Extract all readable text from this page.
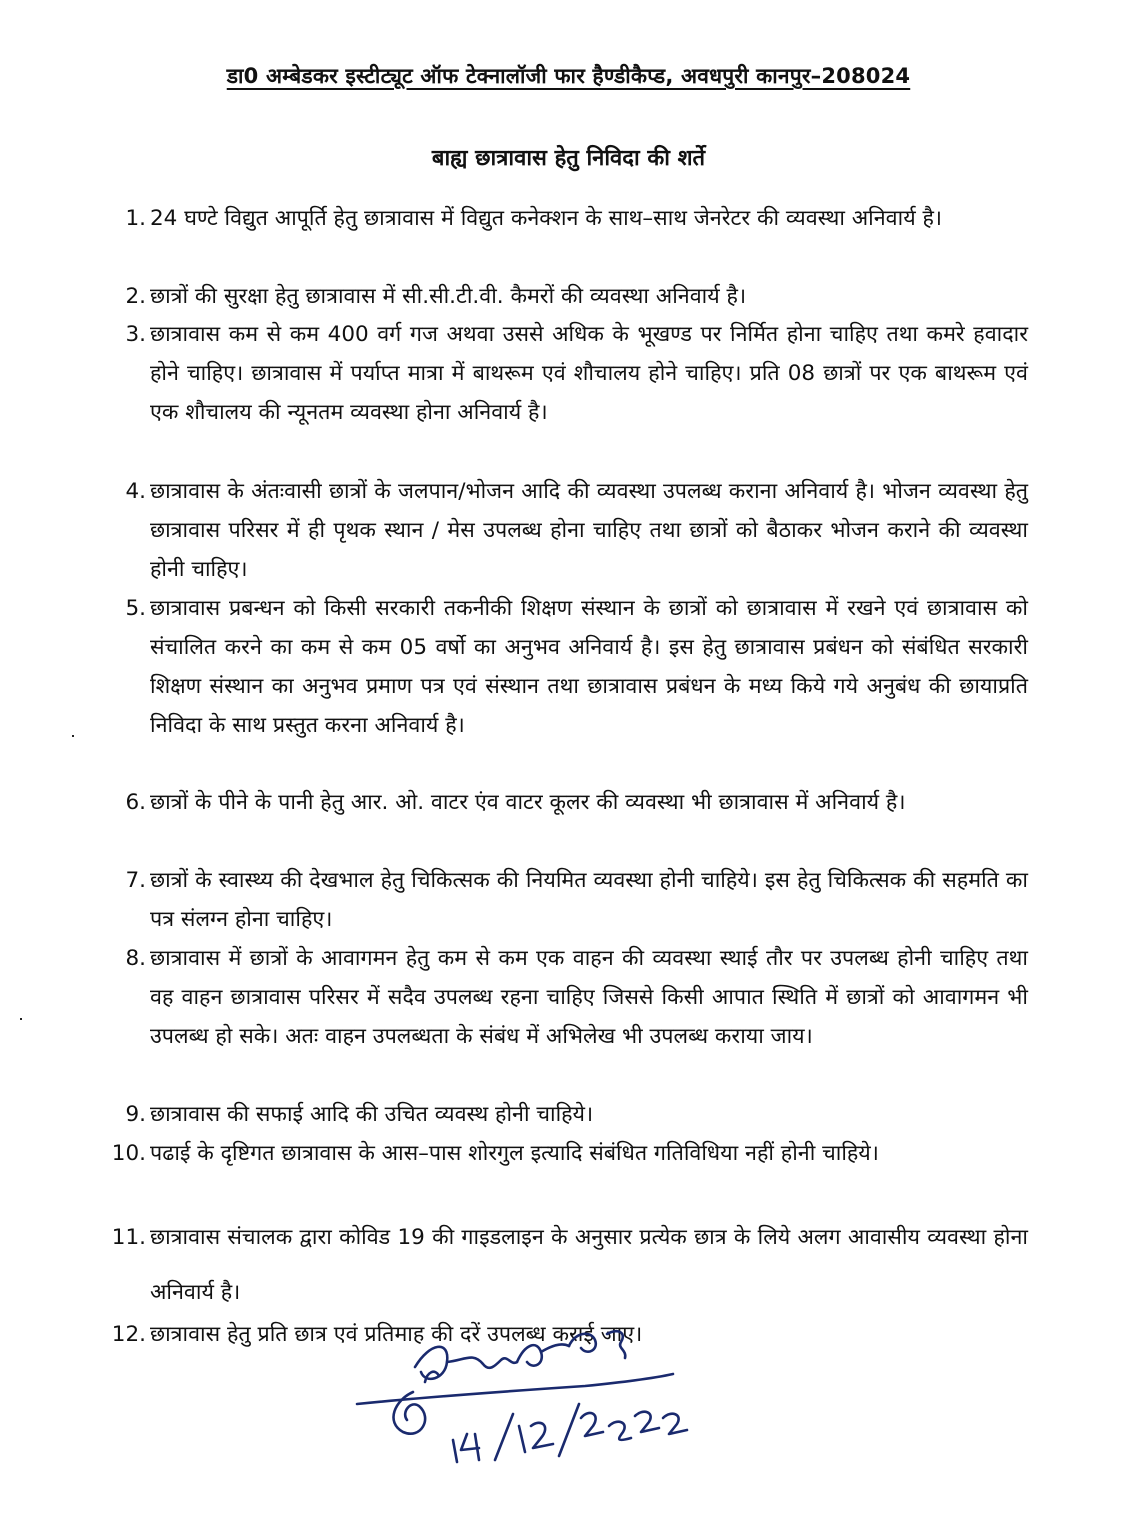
डा0 अम्बेडकर इस्टीट्यूट ऑफ टेक्नालॉजी फार हैण्डीकैप्ड, अवधपुरी कानपुर–208024
बाह्य छात्रावास हेतु निविदा की शर्ते
1. 24 घण्टे विद्युत आपूर्ति हेतु छात्रावास में विद्युत कनेक्शन के साथ–साथ जेनरेटर की व्यवस्था अनिवार्य है।
2. छात्रों की सुरक्षा हेतु छात्रावास में सी.सी.टी.वी. कैमरों की व्यवस्था अनिवार्य है।
3. छात्रावास कम से कम 400 वर्ग गज अथवा उससे अधिक के भूखण्ड पर निर्मित होना चाहिए तथा कमरे हवादार होने चाहिए। छात्रावास में पर्याप्त मात्रा में बाथरूम एवं शौचालय होने चाहिए। प्रति 08 छात्रों पर एक बाथरूम एवं एक शौचालय की न्यूनतम व्यवस्था होना अनिवार्य है।
4. छात्रावास के अंतःवासी छात्रों के जलपान/भोजन आदि की व्यवस्था उपलब्ध कराना अनिवार्य है। भोजन व्यवस्था हेतु छात्रावास परिसर में ही पृथक स्थान / मेस उपलब्ध होना चाहिए तथा छात्रों को बैठाकर भोजन कराने की व्यवस्था होनी चाहिए।
5. छात्रावास प्रबन्धन को किसी सरकारी तकनीकी शिक्षण संस्थान के छात्रों को छात्रावास में रखने एवं छात्रावास को संचालित करने का कम से कम 05 वर्षो का अनुभव अनिवार्य है। इस हेतु छात्रावास प्रबंधन को संबंधित सरकारी शिक्षण संस्थान का अनुभव प्रमाण पत्र एवं संस्थान तथा छात्रावास प्रबंधन के मध्य किये गये अनुबंध की छायाप्रति निविदा के साथ प्रस्तुत करना अनिवार्य है।
6. छात्रों के पीने के पानी हेतु आर. ओ. वाटर एंव वाटर कूलर की व्यवस्था भी छात्रावास में अनिवार्य है।
7. छात्रों के स्वास्थ्य की देखभाल हेतु चिकित्सक की नियमित व्यवस्था होनी चाहिये। इस हेतु चिकित्सक की सहमति का पत्र संलग्न होना चाहिए।
8. छात्रावास में छात्रों के आवागमन हेतु कम से कम एक वाहन की व्यवस्था स्थाई तौर पर उपलब्ध होनी चाहिए तथा वह वाहन छात्रावास परिसर में सदैव उपलब्ध रहना चाहिए जिससे किसी आपात स्थिति में छात्रों को आवागमन भी उपलब्ध हो सके। अतः वाहन उपलब्धता के संबंध में अभिलेख भी उपलब्ध कराया जाय।
9. छात्रावास की सफाई आदि की उचित व्यवस्थ होनी चाहिये।
10. पढाई के दृष्टिगत छात्रावास के आस–पास शोरगुल इत्यादि संबंधित गतिविधिया नहीं होनी चाहिये।
11. छात्रावास संचालक द्वारा कोविड 19 की गाइडलाइन के अनुसार प्रत्येक छात्र के लिये अलग आवासीय व्यवस्था होना अनिवार्य है।
12. छात्रावास हेतु प्रति छात्र एवं प्रतिमाह की दरें उपलब्ध कराई जाए।
